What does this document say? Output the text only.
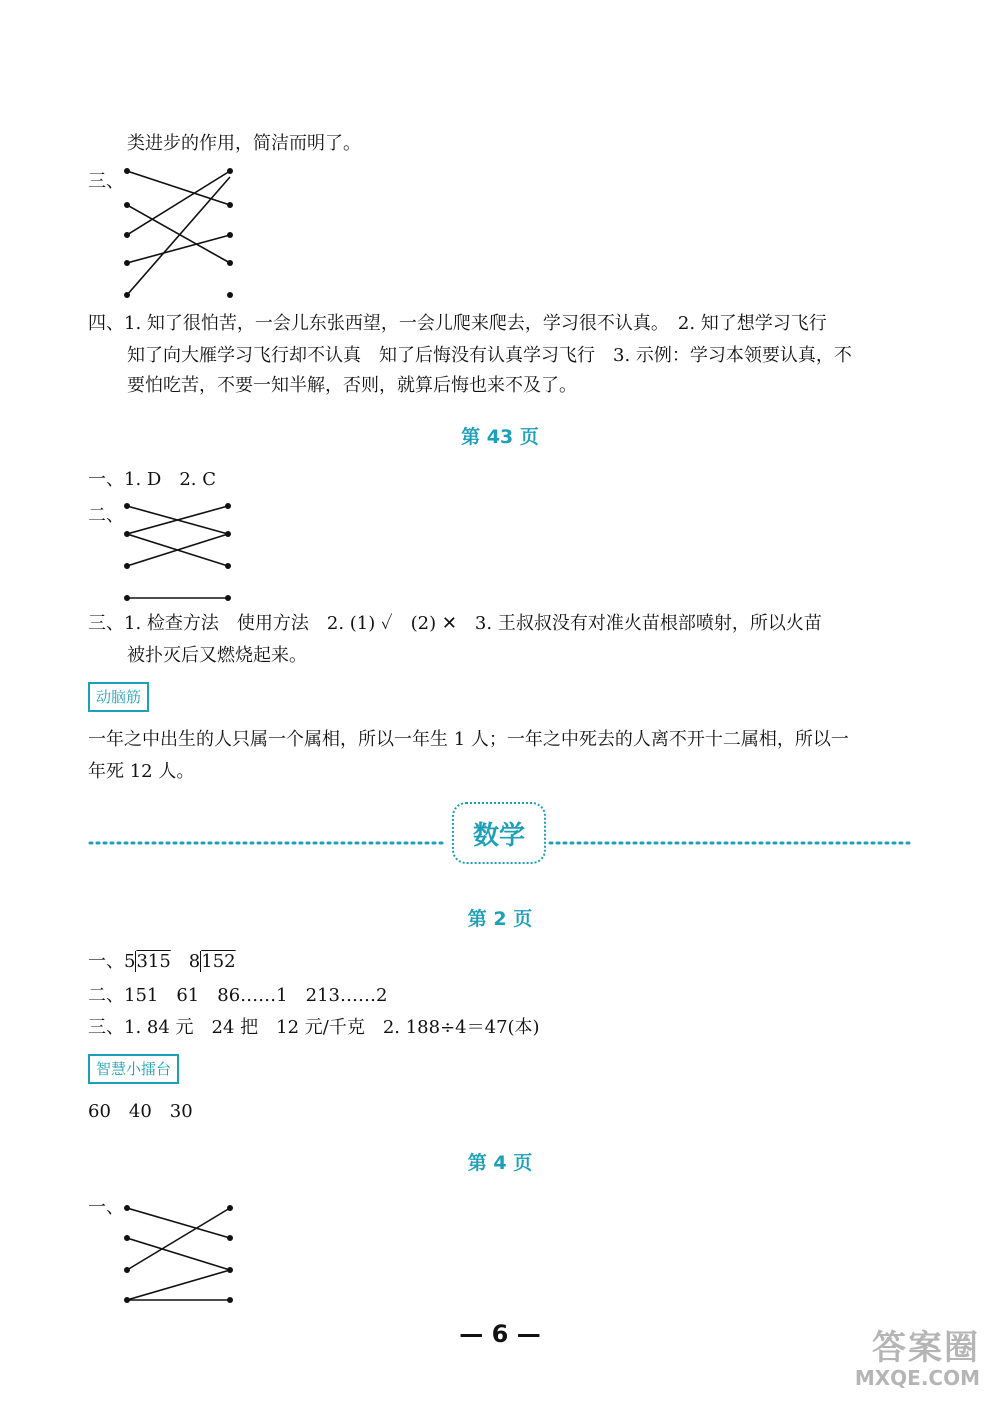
类进步的作用，简洁而明了。
三、
四、1. 知了很怕苦，一会儿东张西望，一会儿爬来爬去，学习很不认真。　2. 知了想学习飞行
知了向大雁学习飞行却不认真　知了后悔没有认真学习飞行　3. 示例：学习本领要认真，不
要怕吃苦，不要一知半解，否则，就算后悔也来不及了。
第 43 页
一、1. D　2. C
二、
三、1. 检查方法　使用方法　2. (1) ✓　(2) ✕　3. 王叔叔没有对准火苗根部喷射，所以火苗
被扑灭后又燃烧起来。
动脑筋
一年之中出生的人只属一个属相，所以一年生 1 人；一年之中死去的人离不开十二属相，所以一
年死 12 人。
数学
第 2 页
一、5315　8152
二、151　61　86……1　213……2
三、1. 84 元　24 把　12 元/千克　2. 188÷4＝47(本)
智慧小擂台
60　40　30
第 4 页
一、
— 6 —	答案圈
MXQE.COM
